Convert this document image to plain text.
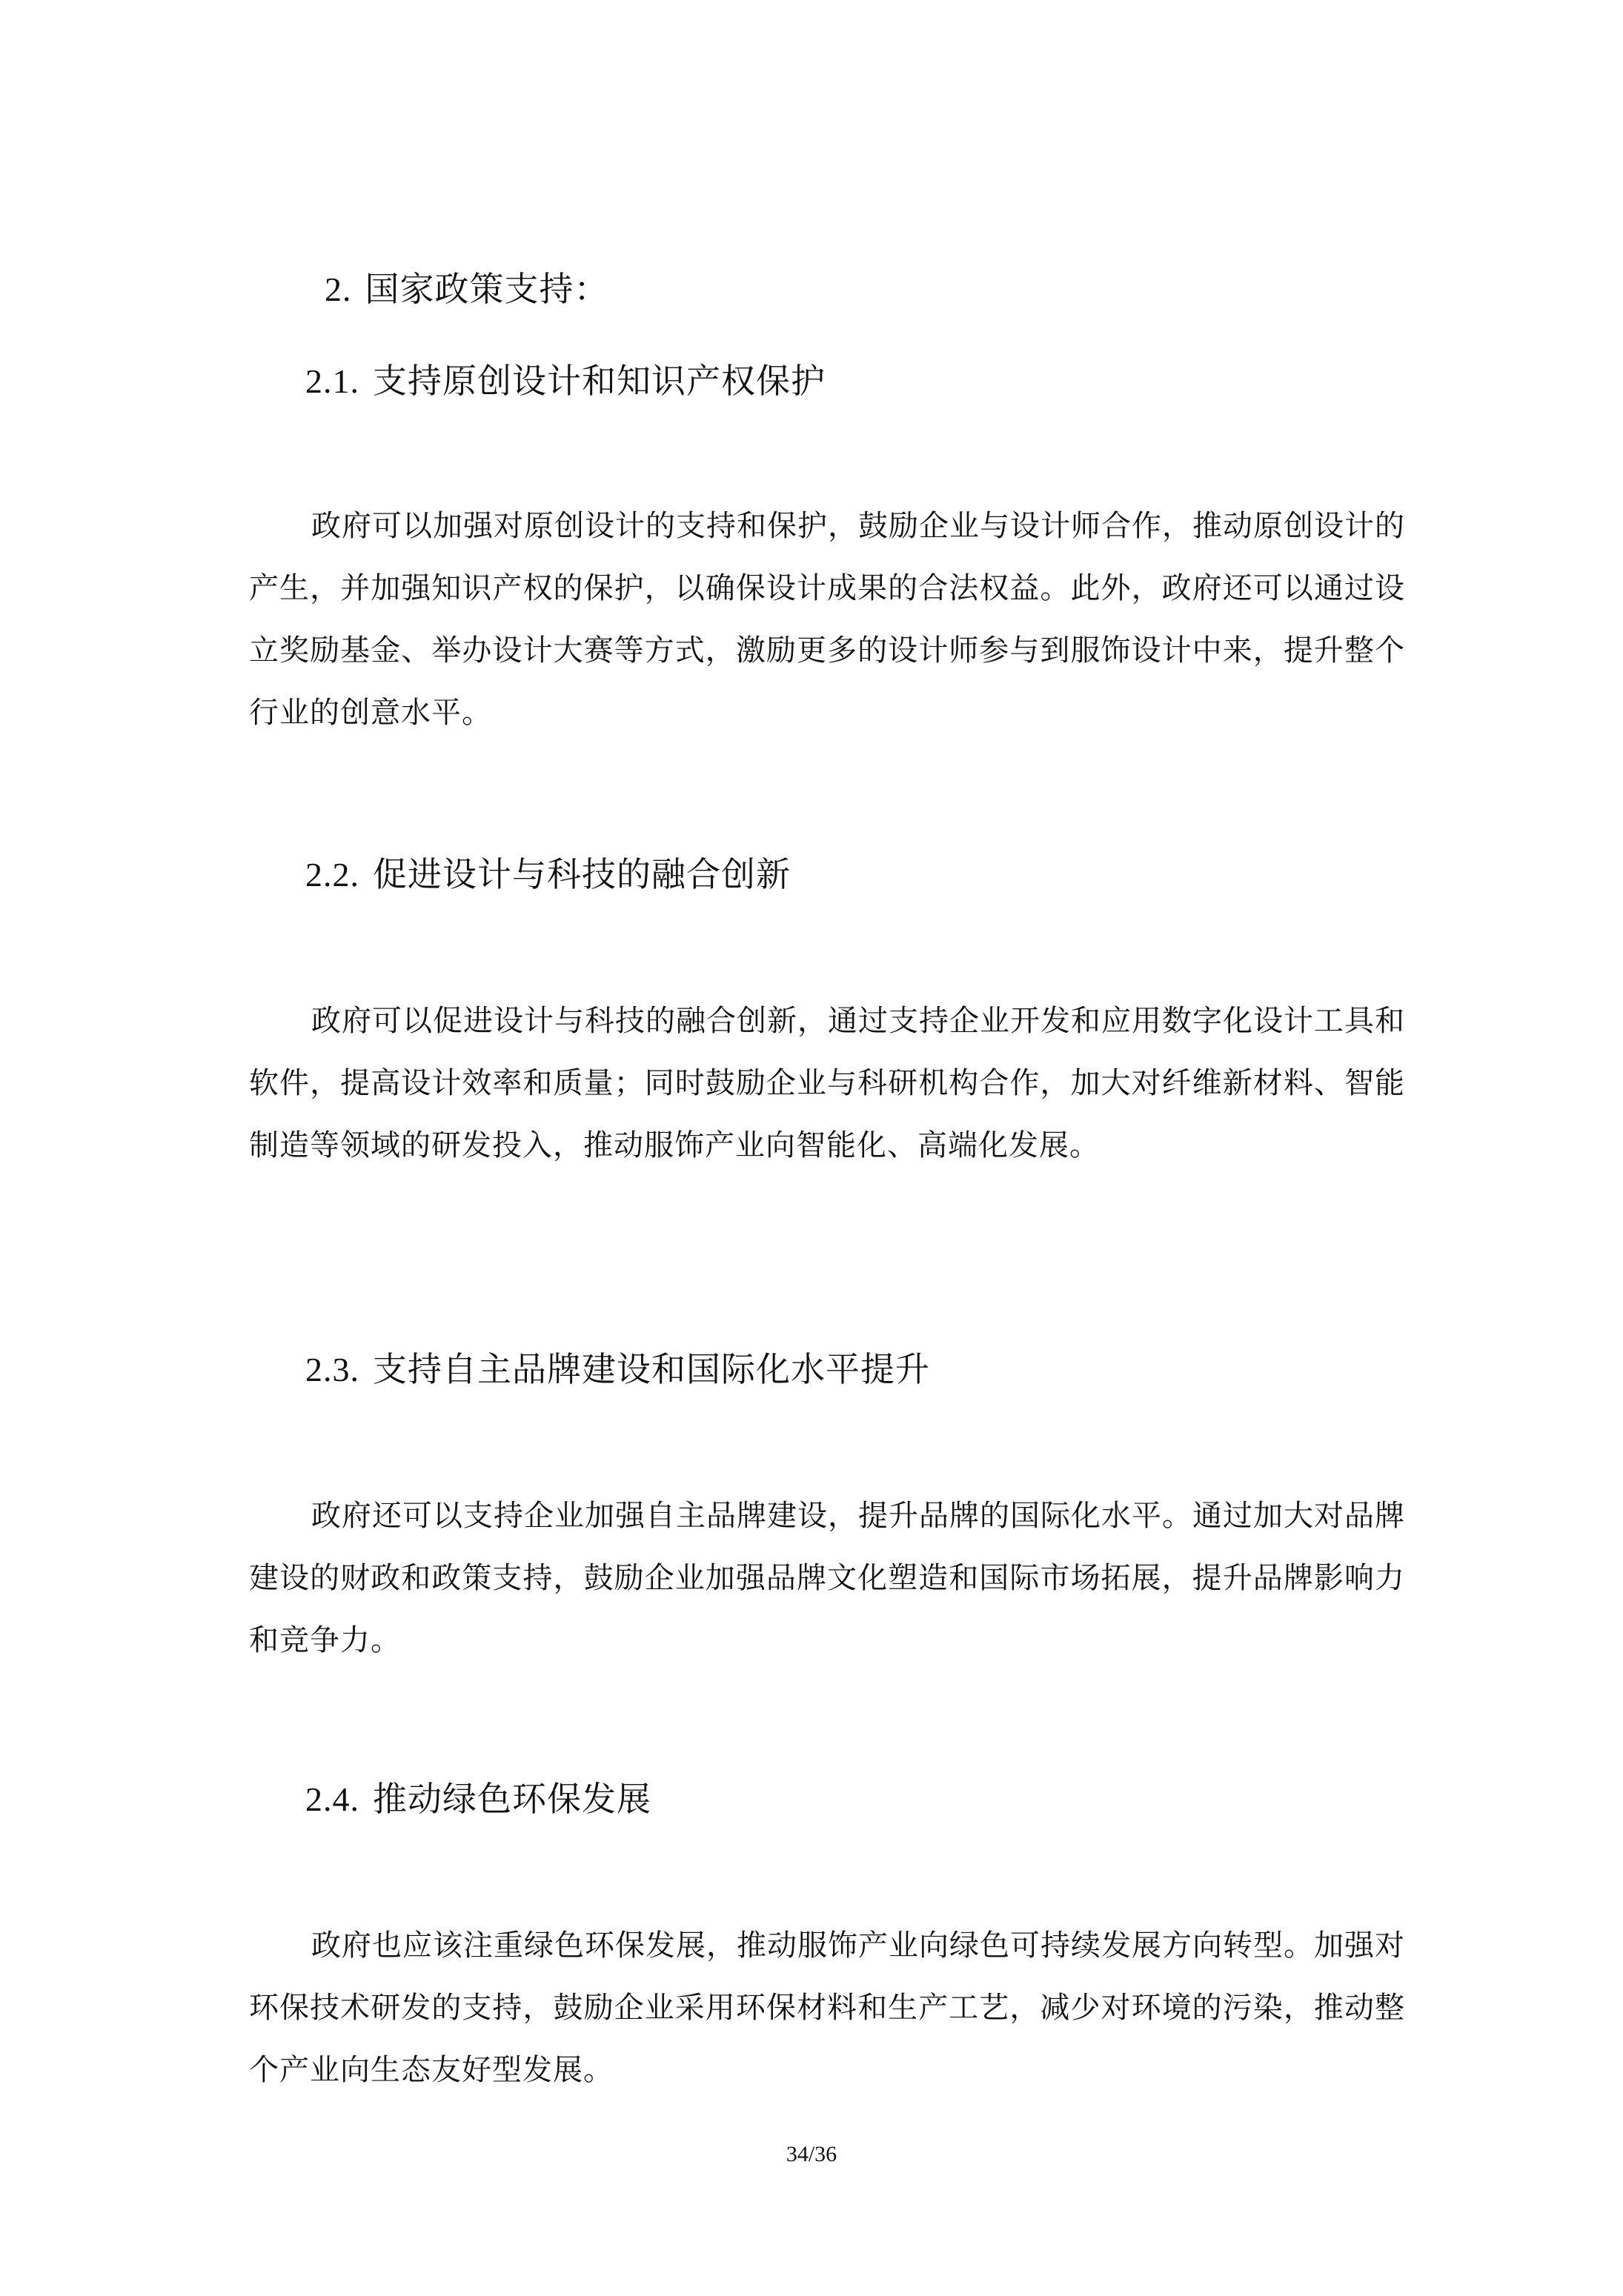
2. 国家政策支持：
2.1. 支持原创设计和知识产权保护

政府可以加强对原创设计的支持和保护，鼓励企业与设计师合作，推动原创设计的产生，并加强知识产权的保护，以确保设计成果的合法权益。此外，政府还可以通过设立奖励基金、举办设计大赛等方式，激励更多的设计师参与到服饰设计中来，提升整个行业的创意水平。

2.2. 促进设计与科技的融合创新

政府可以促进设计与科技的融合创新，通过支持企业开发和应用数字化设计工具和软件，提高设计效率和质量；同时鼓励企业与科研机构合作，加大对纤维新材料、智能制造等领域的研发投入，推动服饰产业向智能化、高端化发展。

2.3. 支持自主品牌建设和国际化水平提升

政府还可以支持企业加强自主品牌建设，提升品牌的国际化水平。通过加大对品牌建设的财政和政策支持，鼓励企业加强品牌文化塑造和国际市场拓展，提升品牌影响力和竞争力。

2.4. 推动绿色环保发展

政府也应该注重绿色环保发展，推动服饰产业向绿色可持续发展方向转型。加强对环保技术研发的支持，鼓励企业采用环保材料和生产工艺，减少对环境的污染，推动整个产业向生态友好型发展。

34/36
